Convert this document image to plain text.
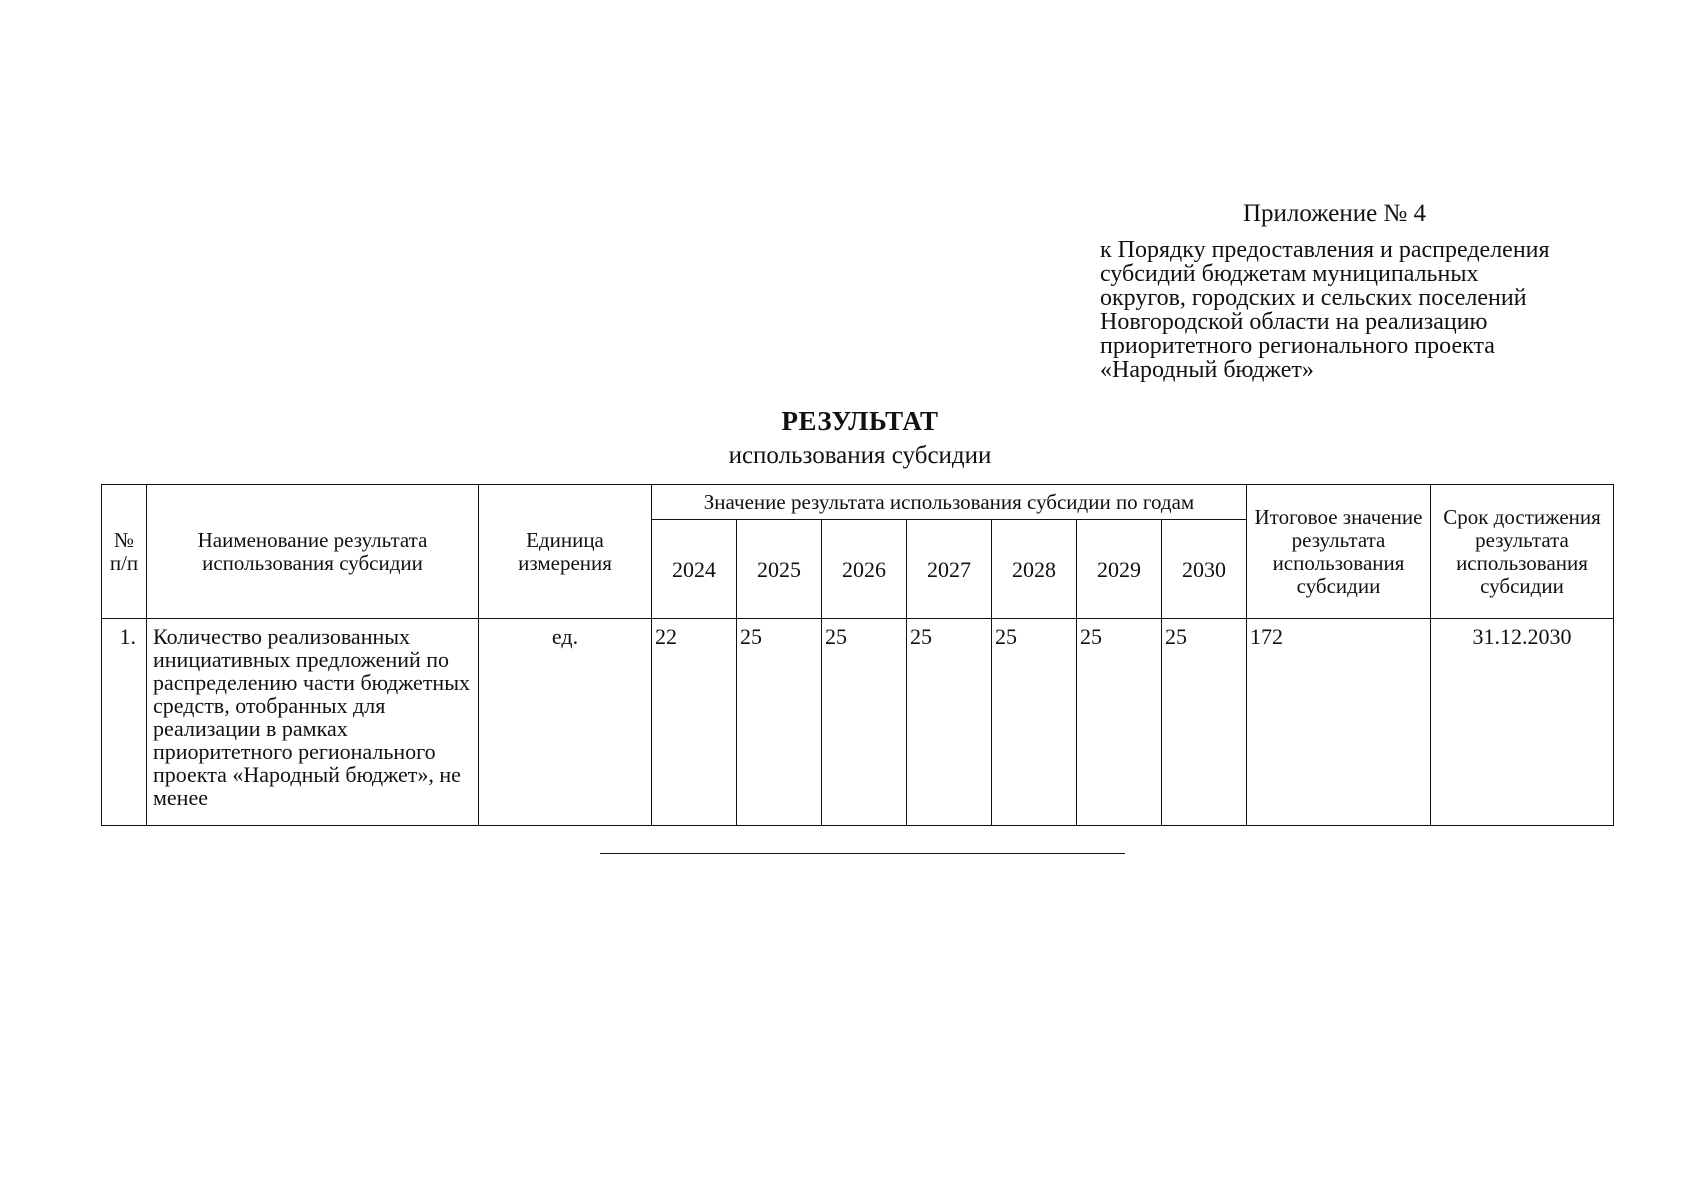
Приложение № 4
к Порядку предоставления и распределения субсидий бюджетам муниципальных округов, городских и сельских поселений Новгородской области на реализацию приоритетного регионального проекта «Народный бюджет»
РЕЗУЛЬТАТ
использования субсидии
№ п/п	Наименование результата использования субсидии	Единица измерения	Значение результата использования субсидии по годам							Итоговое значение результата использования субсидии	Срок достижения результата использования субсидии
			2024	2025	2026	2027	2028	2029	2030		
1.	Количество реализованных инициативных предложений по распределению части бюджетных средств, отобранных для реализации в рамках приоритетного регионального проекта «Народный бюджет», не менее	ед.	22	25	25	25	25	25	25	172	31.12.2030
